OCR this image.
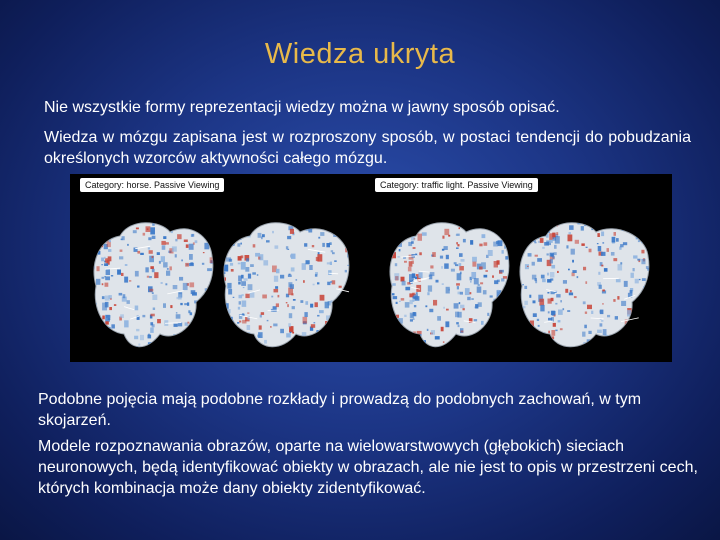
Wiedza ukryta
Nie wszystkie formy reprezentacji wiedzy można w jawny sposób opisać.
Wiedza w mózgu zapisana jest w rozproszony sposób, w postaci tendencji do pobudzania określonych wzorców aktywności całego mózgu.
Category: horse. Passive Viewing	Category: traffic light. Passive Viewing
Podobne pojęcia mają podobne rozkłady i prowadzą do podobnych zachowań, w tym skojarzeń.
Modele rozpoznawania obrazów, oparte na wielowarstwowych (głębokich) sieciach neuronowych, będą identyfikować obiekty w obrazach, ale nie jest to opis w przestrzeni cech, których kombinacja może dany obiekty zidentyfikować.
